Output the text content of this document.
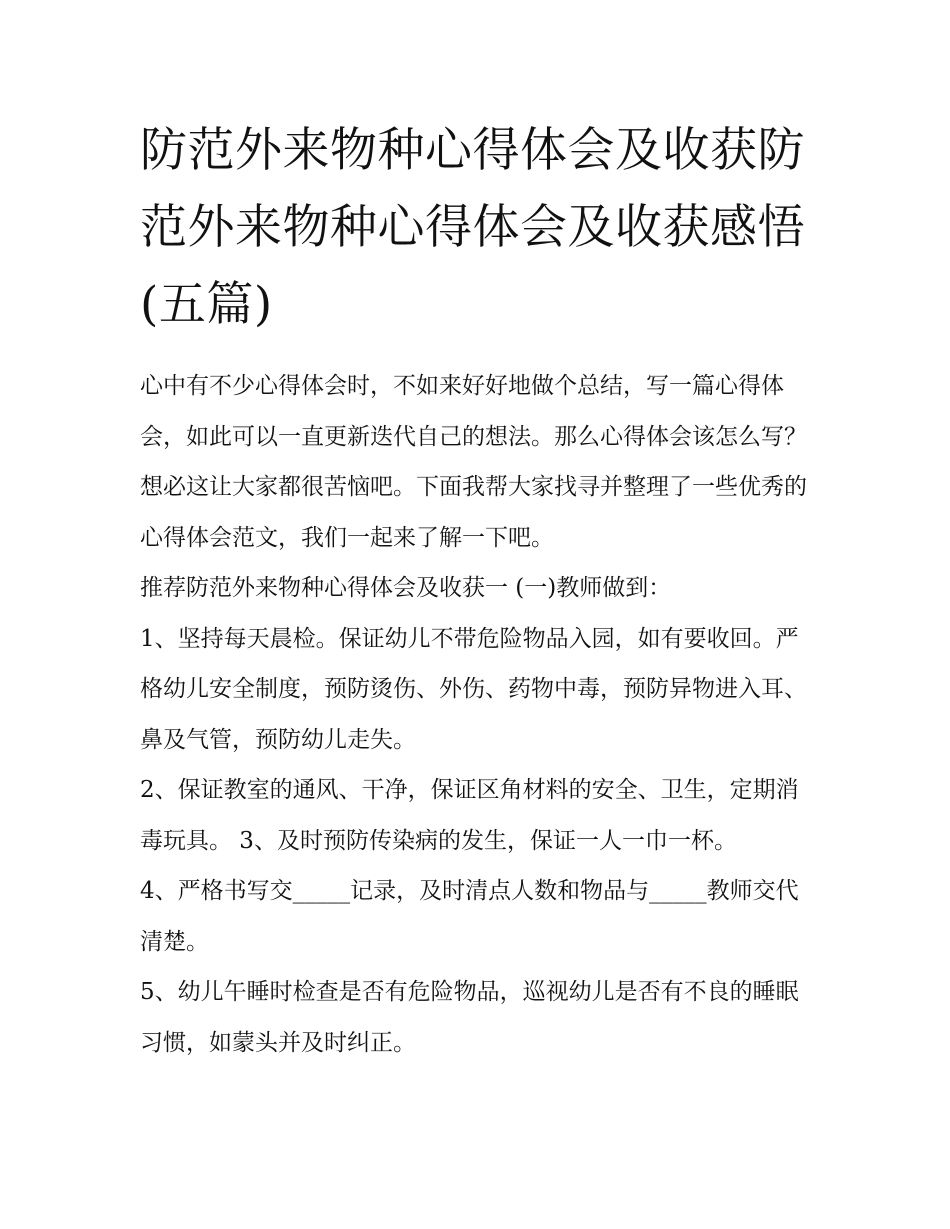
防范外来物种心得体会及收获防范外来物种心得体会及收获感悟(五篇)

心中有不少心得体会时，不如来好好地做个总结，写一篇心得体会，如此可以一直更新迭代自己的想法。那么心得体会该怎么写？想必这让大家都很苦恼吧。下面我帮大家找寻并整理了一些优秀的心得体会范文，我们一起来了解一下吧。

推荐防范外来物种心得体会及收获一 (一)教师做到：

1、坚持每天晨检。保证幼儿不带危险物品入园，如有要收回。严格幼儿安全制度，预防烫伤、外伤、药物中毒，预防异物进入耳、鼻及气管，预防幼儿走失。

2、保证教室的通风、干净，保证区角材料的安全、卫生，定期消毒玩具。 3、及时预防传染病的发生，保证一人一巾一杯。

4、严格书写交_____记录，及时清点人数和物品与_____教师交代清楚。

5、幼儿午睡时检查是否有危险物品，巡视幼儿是否有不良的睡眠习惯，如蒙头并及时纠正。
